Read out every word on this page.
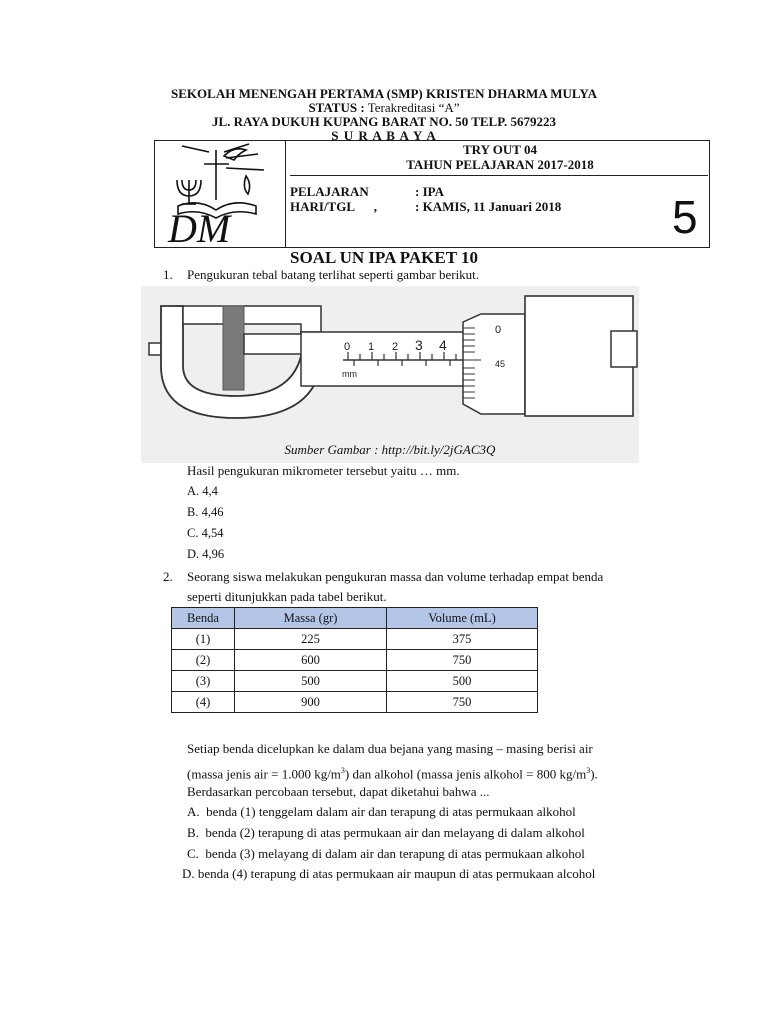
SEKOLAH MENENGAH PERTAMA (SMP) KRISTEN DHARMA MULYA
STATUS : Terakreditasi “A”
JL. RAYA DUKUH KUPANG BARAT NO. 50 TELP. 5679223
S U R A B A Y A
DM
TRY OUT 04
TAHUN PELAJARAN 2017-2018
PELAJARAN	: IPA
HARI/TGL      ,	: KAMIS, 11 Januari 2018 5
SOAL UN IPA PAKET 10
1. Pengukuran tebal batang terlihat seperti gambar berikut.
0 1 2 3 4
mm
0
45
Sumber Gambar : http://bit.ly/2jGAC3Q
Hasil pengukuran mikrometer tersebut yaitu … mm.
A. 4,4
B. 4,46
C. 4,54
D. 4,96
2. Seorang siswa melakukan pengukuran massa dan volume terhadap empat benda
seperti ditunjukkan pada tabel berikut.
Benda	Massa (gr)	Volume (mL)
(1)	225	375
(2)	600	750
(3)	500	500
(4)	900	750
Setiap benda dicelupkan ke dalam dua bejana yang masing – masing berisi air
(massa jenis air = 1.000 $kg/m^3$) dan alkohol (massa jenis alkohol = 800 $kg/m^3$).
Berdasarkan percobaan tersebut, dapat diketahui bahwa ...
A.  benda (1) tenggelam dalam air dan terapung di atas permukaan alkohol
B.  benda (2) terapung di atas permukaan air dan melayang di dalam alkohol
C.  benda (3) melayang di dalam air dan terapung di atas permukaan alkohol
D. benda (4) terapung di atas permukaan air maupun di atas permukaan alcohol
